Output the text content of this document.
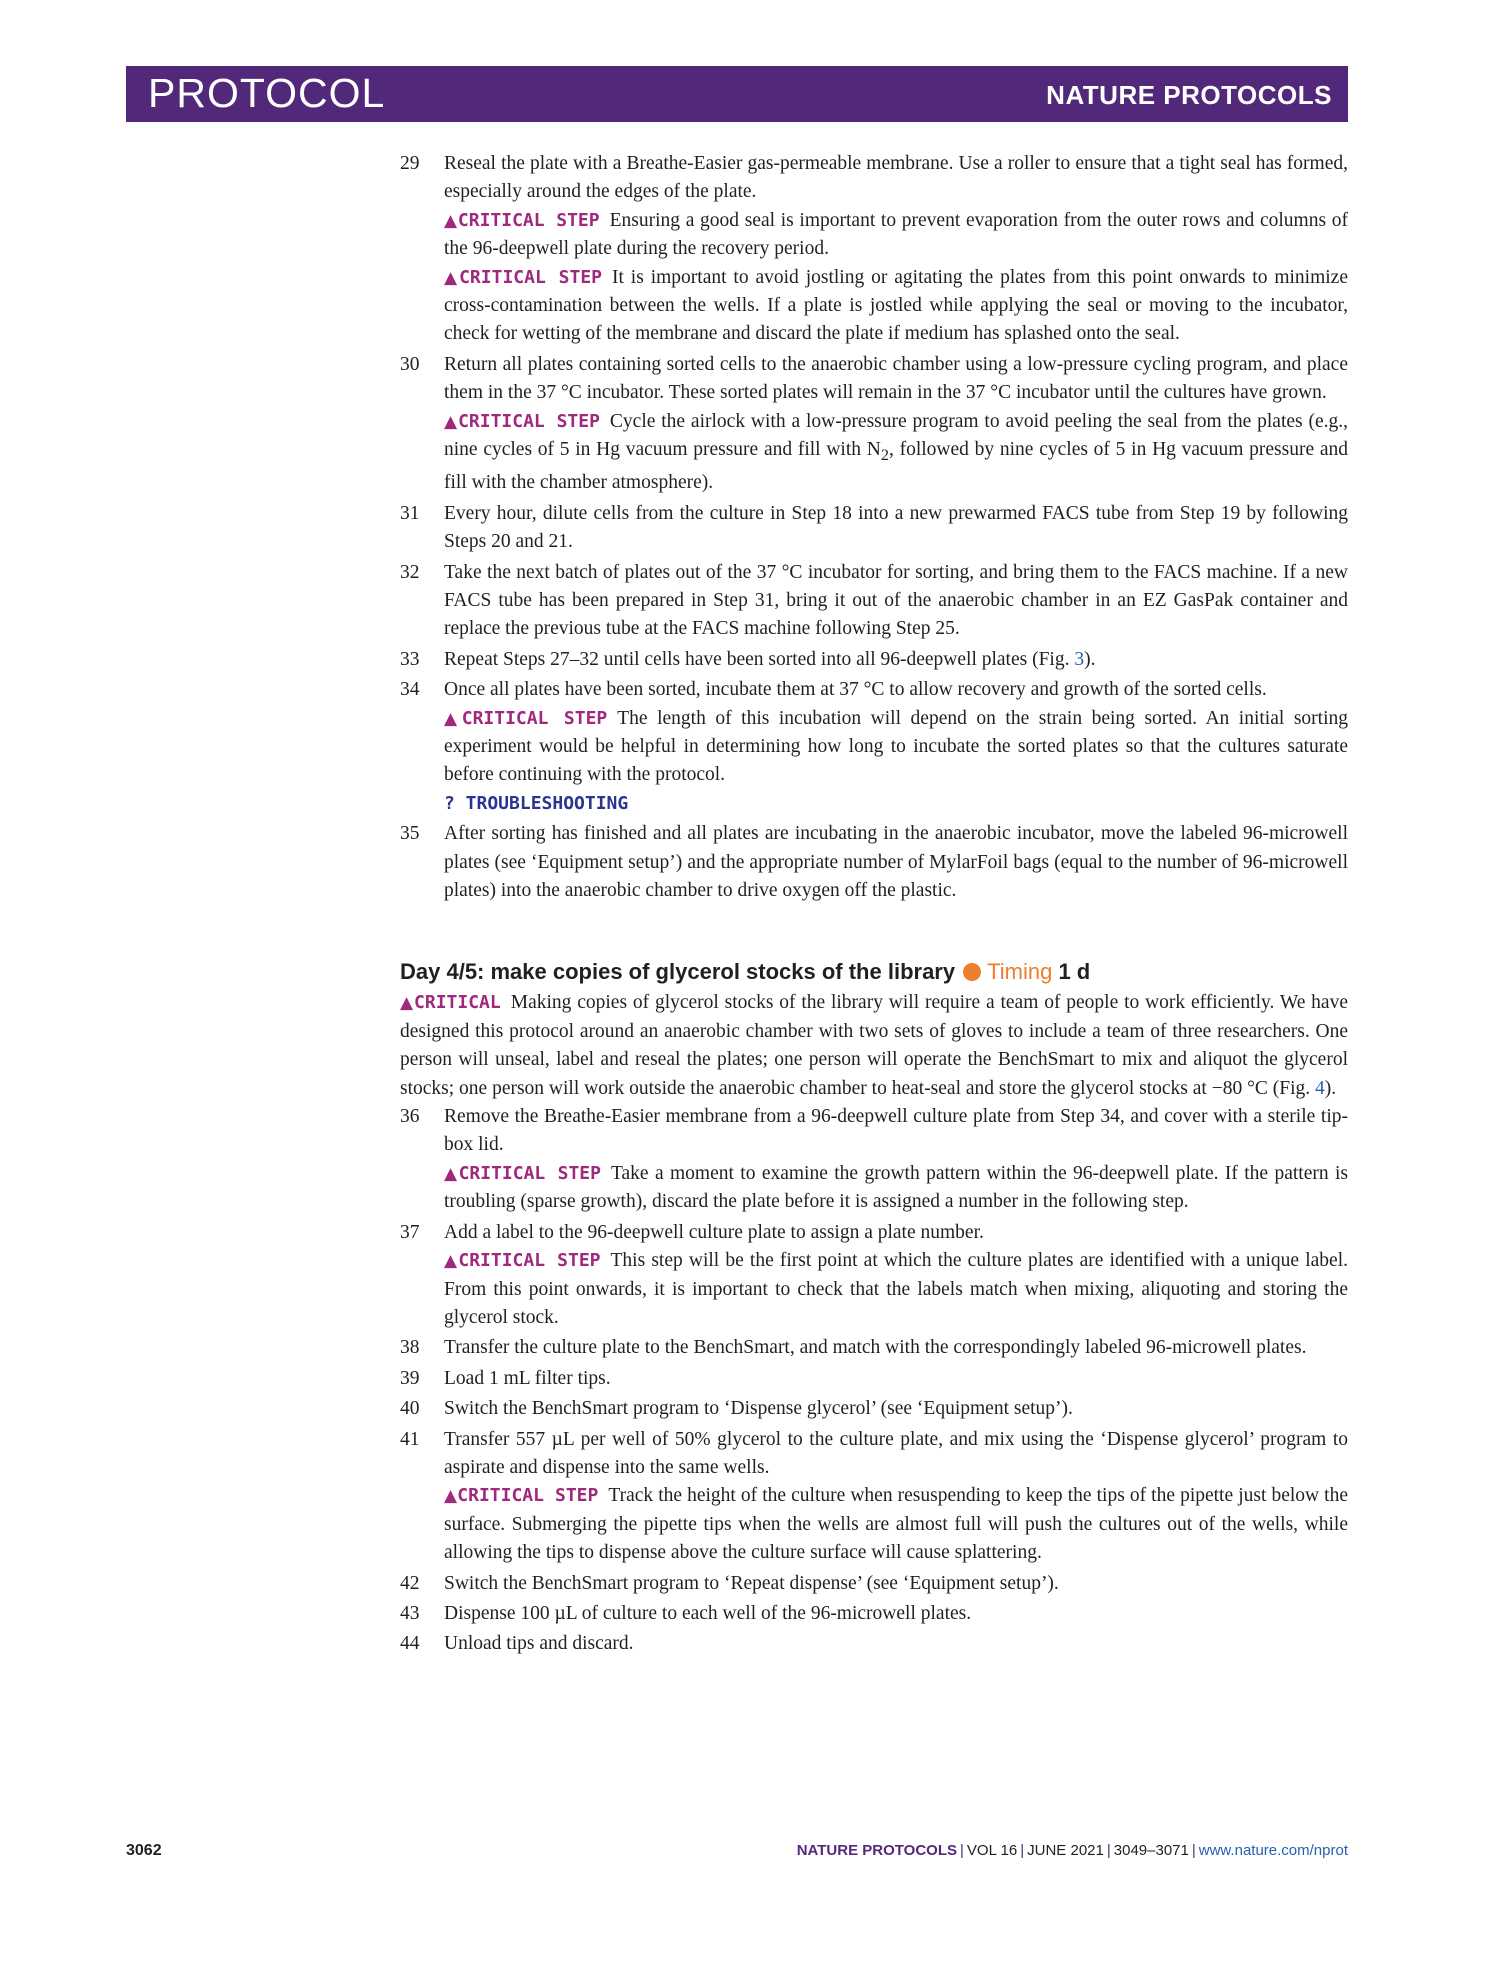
PROTOCOL	NATURE PROTOCOLS
29	Reseal the plate with a Breathe-Easier gas-permeable membrane. Use a roller to ensure that a tight seal has formed, especially around the edges of the plate.

▲CRITICAL STEP Ensuring a good seal is important to prevent evaporation from the outer rows and columns of the 96-deepwell plate during the recovery period.

▲CRITICAL STEP It is important to avoid jostling or agitating the plates from this point onwards to minimize cross-contamination between the wells. If a plate is jostled while applying the seal or moving to the incubator, check for wetting of the membrane and discard the plate if medium has splashed onto the seal.

30	Return all plates containing sorted cells to the anaerobic chamber using a low-pressure cycling program, and place them in the 37 °C incubator. These sorted plates will remain in the 37 °C incubator until the cultures have grown.

▲CRITICAL STEP Cycle the airlock with a low-pressure program to avoid peeling the seal from the plates (e.g., nine cycles of 5 in Hg vacuum pressure and fill with $N_2$, followed by nine cycles of 5 in Hg vacuum pressure and fill with the chamber atmosphere).

31	Every hour, dilute cells from the culture in Step 18 into a new prewarmed FACS tube from Step 19 by following Steps 20 and 21.

32	Take the next batch of plates out of the 37 °C incubator for sorting, and bring them to the FACS machine. If a new FACS tube has been prepared in Step 31, bring it out of the anaerobic chamber in an EZ GasPak container and replace the previous tube at the FACS machine following Step 25.

33	Repeat Steps 27–32 until cells have been sorted into all 96-deepwell plates (Fig. 3).

34	Once all plates have been sorted, incubate them at 37 °C to allow recovery and growth of the sorted cells.

▲CRITICAL STEP The length of this incubation will depend on the strain being sorted. An initial sorting experiment would be helpful in determining how long to incubate the sorted plates so that the cultures saturate before continuing with the protocol.

? TROUBLESHOOTING

35	After sorting has finished and all plates are incubating in the anaerobic incubator, move the labeled 96-microwell plates (see ‘Equipment setup’) and the appropriate number of MylarFoil bags (equal to the number of 96-microwell plates) into the anaerobic chamber to drive oxygen off the plastic.

Day 4/5: make copies of glycerol stocks of the library Timing 1 d

▲CRITICAL Making copies of glycerol stocks of the library will require a team of people to work efficiently. We have designed this protocol around an anaerobic chamber with two sets of gloves to include a team of three researchers. One person will unseal, label and reseal the plates; one person will operate the BenchSmart to mix and aliquot the glycerol stocks; one person will work outside the anaerobic chamber to heat-seal and store the glycerol stocks at −80 °C (Fig. 4).

36	Remove the Breathe-Easier membrane from a 96-deepwell culture plate from Step 34, and cover with a sterile tip-box lid.

▲CRITICAL STEP Take a moment to examine the growth pattern within the 96-deepwell plate. If the pattern is troubling (sparse growth), discard the plate before it is assigned a number in the following step.

37	Add a label to the 96-deepwell culture plate to assign a plate number.

▲CRITICAL STEP This step will be the first point at which the culture plates are identified with a unique label. From this point onwards, it is important to check that the labels match when mixing, aliquoting and storing the glycerol stock.

38	Transfer the culture plate to the BenchSmart, and match with the correspondingly labeled 96-microwell plates.

39	Load 1 mL filter tips.

40	Switch the BenchSmart program to ‘Dispense glycerol’ (see ‘Equipment setup’).

41	Transfer 557 µL per well of 50% glycerol to the culture plate, and mix using the ‘Dispense glycerol’ program to aspirate and dispense into the same wells.

▲CRITICAL STEP Track the height of the culture when resuspending to keep the tips of the pipette just below the surface. Submerging the pipette tips when the wells are almost full will push the cultures out of the wells, while allowing the tips to dispense above the culture surface will cause splattering.

42	Switch the BenchSmart program to ‘Repeat dispense’ (see ‘Equipment setup’).

43	Dispense 100 µL of culture to each well of the 96-microwell plates.

44	Unload tips and discard.

3062	NATURE PROTOCOLS | VOL 16 | JUNE 2021 | 3049–3071 | www.nature.com/nprot
